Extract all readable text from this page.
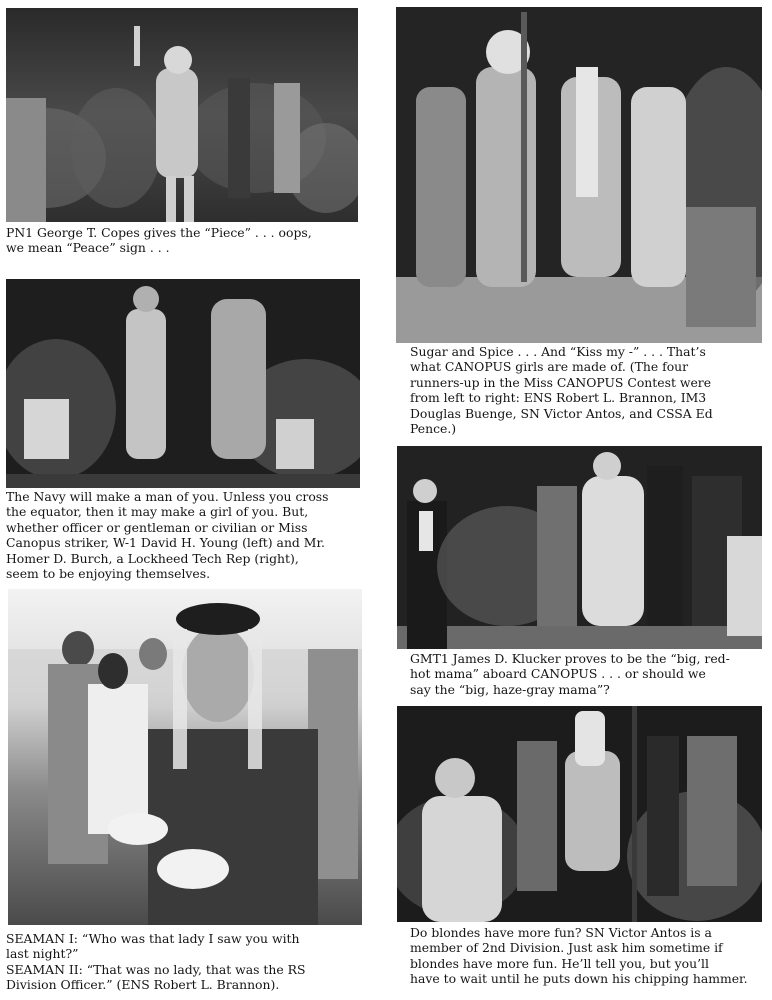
PN1 George T. Copes gives the “Piece” . . . oops,
we mean “Peace” sign . . .
The Navy will make a man of you. Unless you cross
the equator, then it may make a girl of you. But,
whether officer or gentleman or civilian or Miss
Canopus striker, W-1 David H. Young (left) and Mr.
Homer D. Burch, a Lockheed Tech Rep (right),
seem to be enjoying themselves.
SEAMAN I: “Who was that lady I saw you with
last night?”
SEAMAN II: “That was no lady, that was the RS
Division Officer.” (ENS Robert L. Brannon).
Sugar and Spice . . . And “Kiss my -” . . . That’s
what CANOPUS girls are made of. (The four
runners-up in the Miss CANOPUS Contest were
from left to right: ENS Robert L. Brannon, IM3
Douglas Buenge, SN Victor Antos, and CSSA Ed
Pence.)
GMT1 James D. Klucker proves to be the “big, red-
hot mama” aboard CANOPUS . . . or should we
say the “big, haze-gray mama”?
Do blondes have more fun? SN Victor Antos is a
member of 2nd Division. Just ask him sometime if
blondes have more fun. He’ll tell you, but you’ll
have to wait until he puts down his chipping hammer.
